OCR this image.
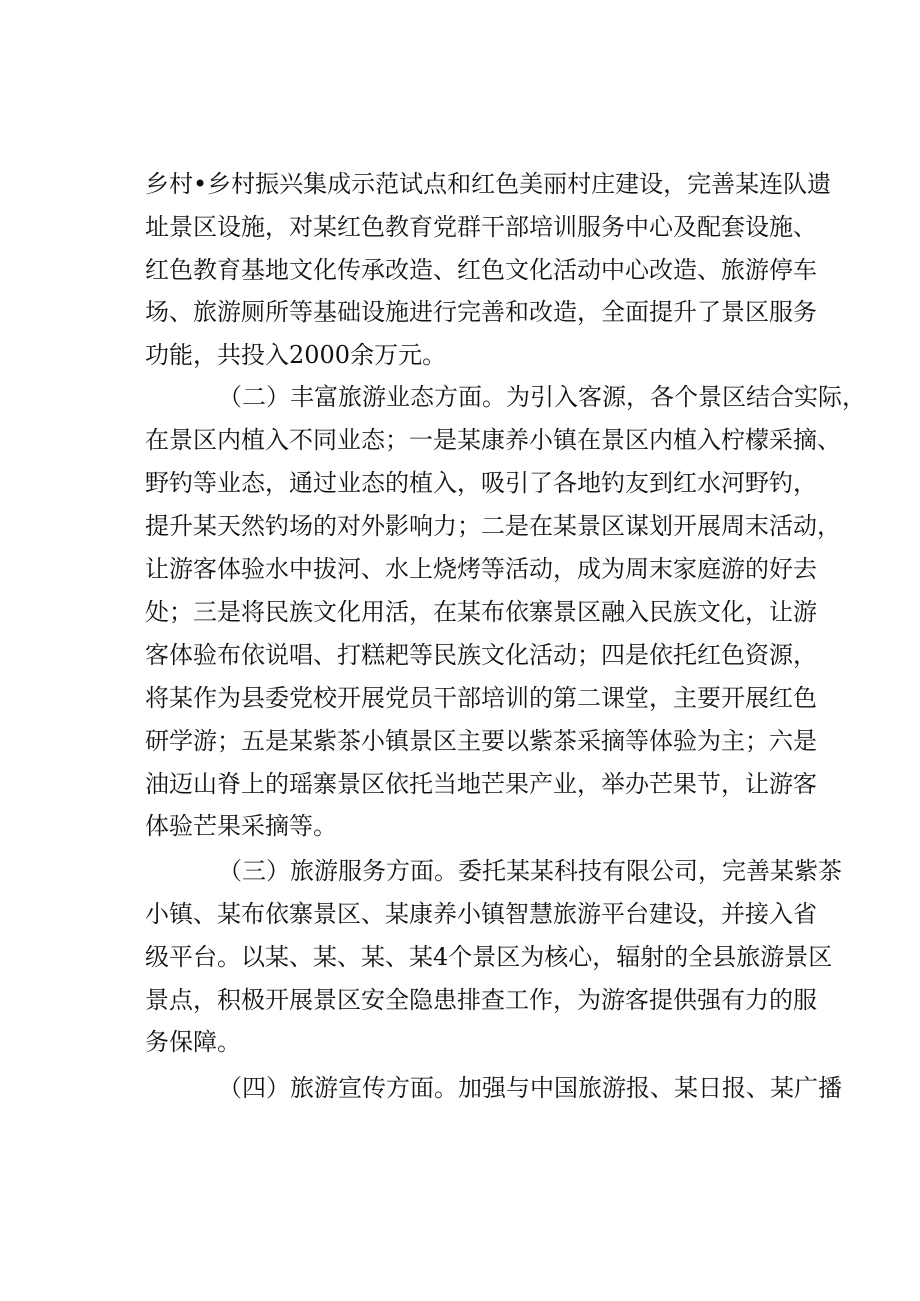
乡村•乡村振兴集成示范试点和红色美丽村庄建设，完善某连队遗
址景区设施，对某红色教育党群干部培训服务中心及配套设施、
红色教育基地文化传承改造、红色文化活动中心改造、旅游停车
场、旅游厕所等基础设施进行完善和改造，全面提升了景区服务
功能，共投入2000余万元。
（二）丰富旅游业态方面。为引入客源，各个景区结合实际，
在景区内植入不同业态；一是某康养小镇在景区内植入柠檬采摘、
野钓等业态，通过业态的植入，吸引了各地钓友到红水河野钓，
提升某天然钓场的对外影响力；二是在某景区谋划开展周末活动，
让游客体验水中拔河、水上烧烤等活动，成为周末家庭游的好去
处；三是将民族文化用活，在某布依寨景区融入民族文化，让游
客体验布依说唱、打糕耙等民族文化活动；四是依托红色资源，
将某作为县委党校开展党员干部培训的第二课堂，主要开展红色
研学游；五是某紫茶小镇景区主要以紫茶采摘等体验为主；六是
油迈山脊上的瑶寨景区依托当地芒果产业，举办芒果节，让游客
体验芒果采摘等。
（三）旅游服务方面。委托某某科技有限公司，完善某紫茶
小镇、某布依寨景区、某康养小镇智慧旅游平台建设，并接入省
级平台。以某、某、某、某4个景区为核心，辐射的全县旅游景区
景点，积极开展景区安全隐患排查工作，为游客提供强有力的服
务保障。
（四）旅游宣传方面。加强与中国旅游报、某日报、某广播
